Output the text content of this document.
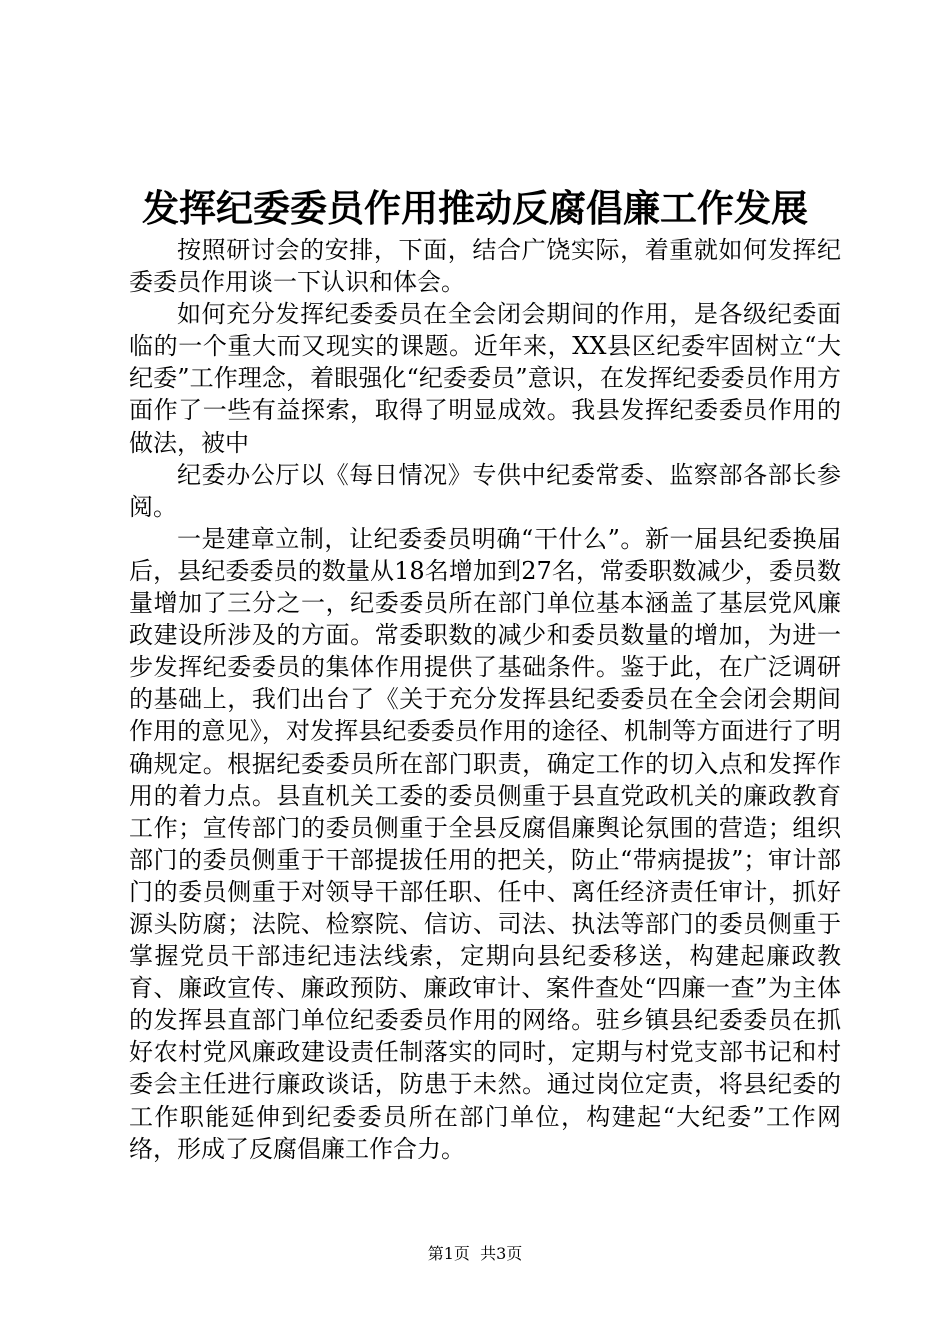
发挥纪委委员作用推动反腐倡廉工作发展

按照研讨会的安排，下面，结合广饶实际，着重就如何发挥纪委委员作用谈一下认识和体会。

如何充分发挥纪委委员在全会闭会期间的作用，是各级纪委面临的一个重大而又现实的课题。近年来，XX县区纪委牢固树立“大纪委”工作理念，着眼强化“纪委委员”意识，在发挥纪委委员作用方面作了一些有益探索，取得了明显成效。我县发挥纪委委员作用的做法，被中

纪委办公厅以《每日情况》专供中纪委常委、监察部各部长参阅。

一是建章立制，让纪委委员明确“干什么”。新一届县纪委换届后，县纪委委员的数量从18名增加到27名，常委职数减少，委员数量增加了三分之一，纪委委员所在部门单位基本涵盖了基层党风廉政建设所涉及的方面。常委职数的减少和委员数量的增加，为进一步发挥纪委委员的集体作用提供了基础条件。鉴于此，在广泛调研的基础上，我们出台了《关于充分发挥县纪委委员在全会闭会期间作用的意见》，对发挥县纪委委员作用的途径、机制等方面进行了明确规定。根据纪委委员所在部门职责，确定工作的切入点和发挥作用的着力点。县直机关工委的委员侧重于县直党政机关的廉政教育工作；宣传部门的委员侧重于全县反腐倡廉舆论氛围的营造；组织部门的委员侧重于干部提拔任用的把关，防止“带病提拔”；审计部门的委员侧重于对领导干部任职、任中、离任经济责任审计，抓好源头防腐；法院、检察院、信访、司法、执法等部门的委员侧重于掌握党员干部违纪违法线索，定期向县纪委移送，构建起廉政教育、廉政宣传、廉政预防、廉政审计、案件查处“四廉一查”为主体的发挥县直部门单位纪委委员作用的网络。驻乡镇县纪委委员在抓好农村党风廉政建设责任制落实的同时，定期与村党支部书记和村委会主任进行廉政谈话，防患于未然。通过岗位定责，将县纪委的工作职能延伸到纪委委员所在部门单位，构建起“大纪委”工作网络，形成了反腐倡廉工作合力。

第1页 共3页
